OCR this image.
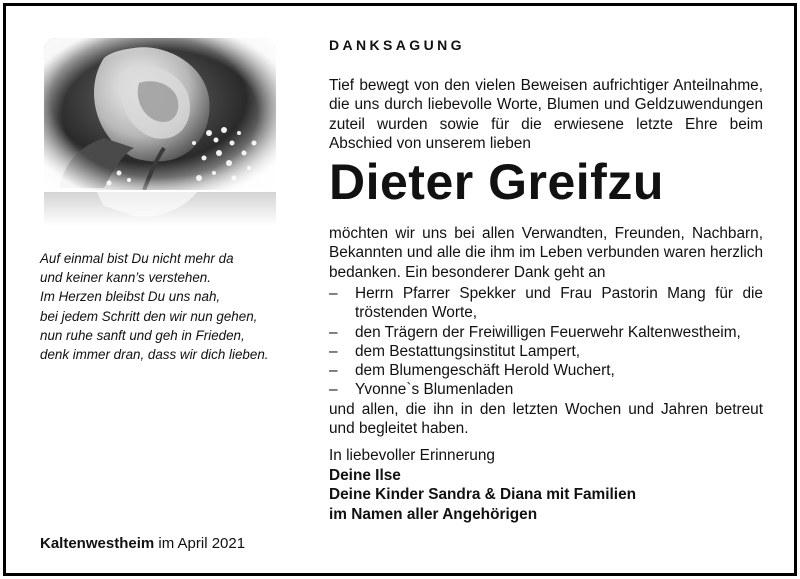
Auf einmal bist Du nicht mehr da
und keiner kann’s verstehen.
Im Herzen bleibst Du uns nah,
bei jedem Schritt den wir nun gehen,
nun ruhe sanft und geh in Frieden,
denk immer dran, dass wir dich lieben.
Kaltenwestheim im April 2021
DANKSAGUNG
Tief bewegt von den vielen Beweisen aufrichtiger Anteilnahme, die uns durch liebevolle Worte, Blumen und Geldzuwendungen zuteil wurden sowie für die erwiesene letzte Ehre beim Abschied von unserem lieben
Dieter Greifzu
möchten wir uns bei allen Verwandten, Freunden, Nachbarn, Bekannten und alle die ihm im Leben verbunden waren herzlich bedanken. Ein besonderer Dank geht an
–	Herrn Pfarrer Spekker und Frau Pastorin Mang für die tröstenden Worte,
–	den Trägern der Freiwilligen Feuerwehr Kaltenwestheim,
–	dem Bestattungsinstitut Lampert,
–	dem Blumengeschäft Herold Wuchert,
–	Yvonne`s Blumenladen
und allen, die ihn in den letzten Wochen und Jahren betreut und begleitet haben.
In liebevoller Erinnerung
Deine Ilse
Deine Kinder Sandra & Diana mit Familien
im Namen aller Angehörigen
